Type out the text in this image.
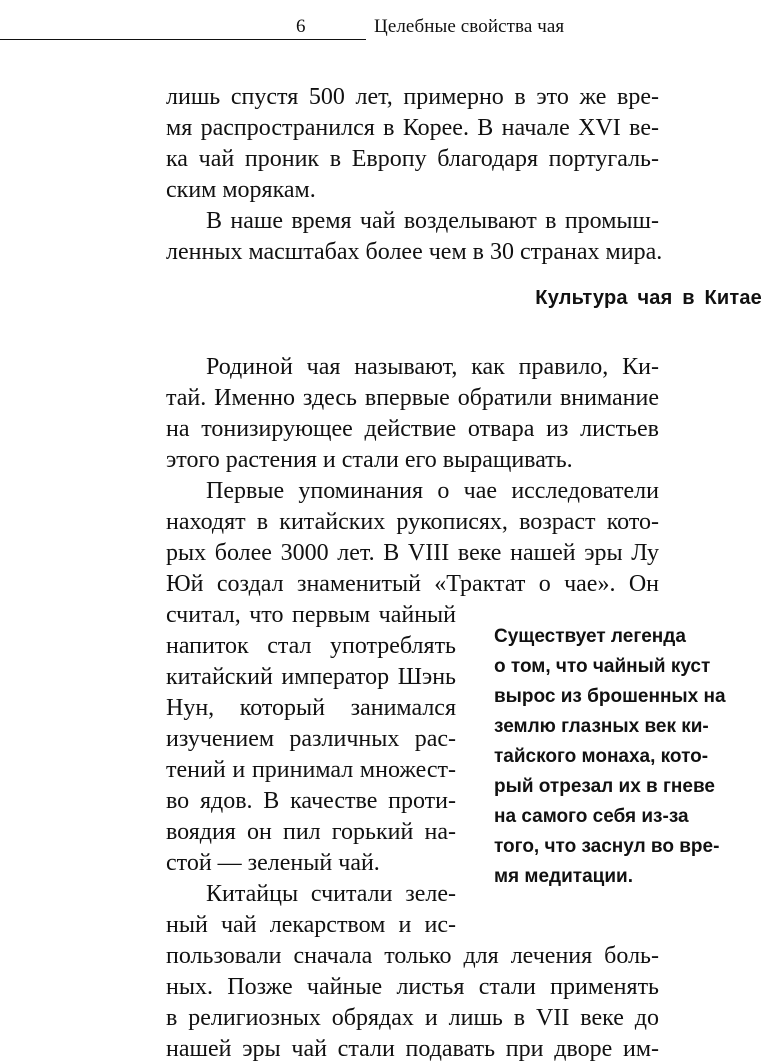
6	Целебные свойства чая
лишь спустя 500 лет, примерно в это же вре-
мя распространился в Корее. В начале XVI ве-
ка чай проник в Европу благодаря португаль-
ским морякам.
В наше время чай возделывают в промыш-
ленных масштабах более чем в 30 странах мира.
Культура чая в Китае
Родиной чая называют, как правило, Ки-
тай. Именно здесь впервые обратили внимание
на тонизирующее действие отвара из листьев
этого растения и стали его выращивать.
Первые упоминания о чае исследователи
находят в китайских рукописях, возраст кото-
рых более 3000 лет. В VIII веке нашей эры Лу
Юй создал знаменитый «Трактат о чае». Он
считал, что первым чайный
напиток стал употреблять
китайский император Шэнь
Нун, который занимался
изучением различных рас-
тений и принимал множест-
во ядов. В качестве проти-
воядия он пил горький на-
стой — зеленый чай.
Китайцы считали зеле-
ный чай лекарством и ис-
пользовали сначала только для лечения боль-
ных. Позже чайные листья стали применять
в религиозных обрядах и лишь в VII веке до
нашей эры чай стали подавать при дворе им-
Существует легенда
о том, что чайный куст
вырос из брошенных на
землю глазных век ки-
тайского монаха, кото-
рый отрезал их в гневе
на самого себя из-за
того, что заснул во вре-
мя медитации.
